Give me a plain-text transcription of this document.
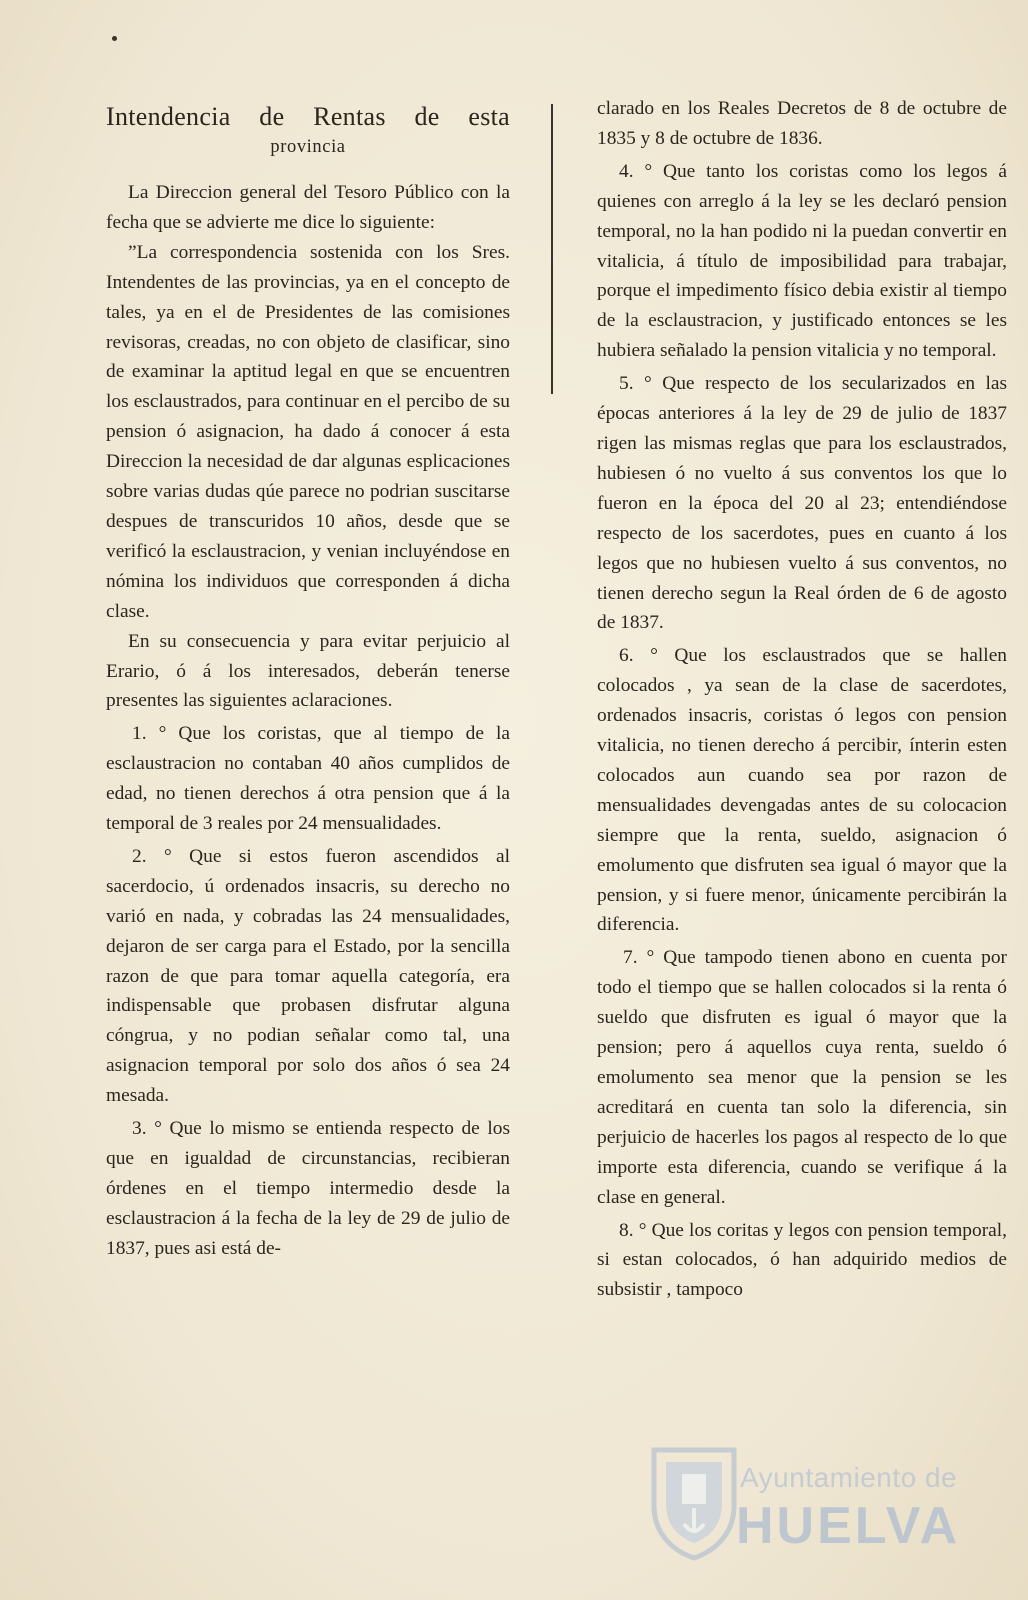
Intendencia de Rentas de esta
provincia

La Direccion general del Tesoro Público con la fecha que se advierte me dice lo siguiente:

”La correspondencia sostenida con los Sres. Intendentes de las provincias, ya en el concepto de tales, ya en el de Presidentes de las comisiones revisoras, creadas, no con objeto de clasificar, sino de examinar la aptitud legal en que se encuentren los esclaustrados, para continuar en el percibo de su pension ó asignacion, ha dado á conocer á esta Direccion la necesidad de dar algunas esplicaciones sobre varias dudas qúe parece no podrian suscitarse despues de transcuridos 10 años, desde que se verificó la esclaustracion, y venian incluyéndose en nómina los individuos que corresponden á dicha clase.

En su consecuencia y para evitar perjuicio al Erario, ó á los interesados, deberán tenerse presentes las siguientes aclaraciones.

1. ° Que los coristas, que al tiempo de la esclaustracion no contaban 40 años cumplidos de edad, no tienen derechos á otra pension que á la temporal de 3 reales por 24 mensualidades.

2. ° Que si estos fueron ascendidos al sacerdocio, ú ordenados insacris, su derecho no varió en nada, y cobradas las 24 mensualidades, dejaron de ser carga para el Estado, por la sencilla razon de que para tomar aquella categoría, era indispensable que probasen disfrutar alguna cóngrua, y no podian señalar como tal, una asignacion temporal por solo dos años ó sea 24 mesada.

3. ° Que lo mismo se entienda respecto de los que en igualdad de circunstancias, recibieran órdenes en el tiempo intermedio desde la esclaustracion á la fecha de la ley de 29 de julio de 1837, pues asi está de-

clarado en los Reales Decretos de 8 de octubre de 1835 y 8 de octubre de 1836.

4. ° Que tanto los coristas como los legos á quienes con arreglo á la ley se les declaró pension temporal, no la han podido ni la puedan convertir en vitalicia, á título de imposibilidad para trabajar, porque el impedimento físico debia existir al tiempo de la esclaustracion, y justificado entonces se les hubiera señalado la pension vitalicia y no temporal.

5. ° Que respecto de los secularizados en las épocas anteriores á la ley de 29 de julio de 1837 rigen las mismas reglas que para los esclaustrados, hubiesen ó no vuelto á sus conventos los que lo fueron en la época del 20 al 23; entendiéndose respecto de los sacerdotes, pues en cuanto á los legos que no hubiesen vuelto á sus conventos, no tienen derecho segun la Real órden de 6 de agosto de 1837.

6. ° Que los esclaustrados que se hallen colocados , ya sean de la clase de sacerdotes, ordenados insacris, coristas ó legos con pension vitalicia, no tienen derecho á percibir, ínterin esten colocados aun cuando sea por razon de mensualidades devengadas antes de su colocacion siempre que la renta, sueldo, asignacion ó emolumento que disfruten sea igual ó mayor que la pension, y si fuere menor, únicamente percibirán la diferencia.

7. ° Que tampodo tienen abono en cuenta por todo el tiempo que se hallen colocados si la renta ó sueldo que disfruten es igual ó mayor que la pension; pero á aquellos cuya renta, sueldo ó emolumento sea menor que la pension se les acreditará en cuenta tan solo la diferencia, sin perjuicio de hacerles los pagos al respecto de lo que importe esta diferencia, cuando se verifique á la clase en general.

8. ° Que los coritas y legos con pension temporal, si estan colocados, ó han adquirido medios de subsistir , tampoco

Ayuntamiento de
HUELVA
